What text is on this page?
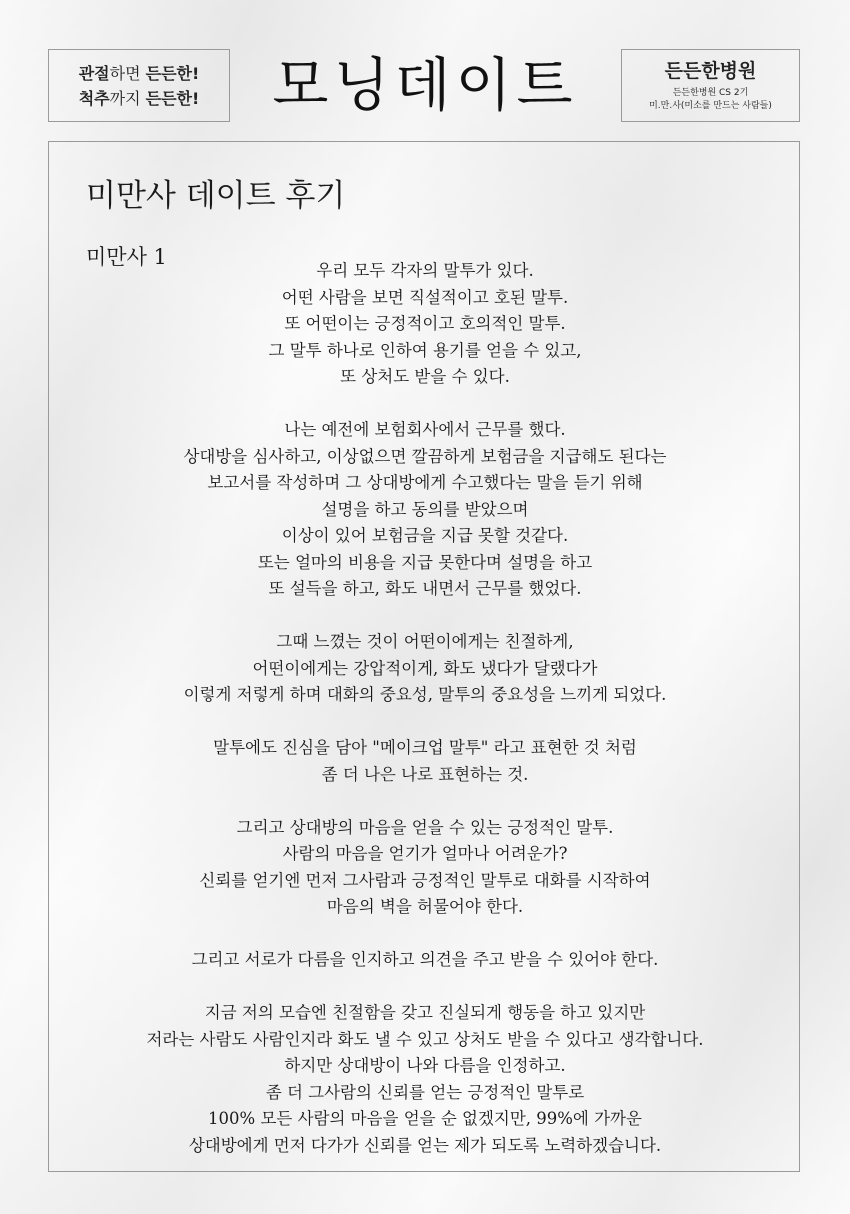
관절하면 든든한!
척추까지 든든한!	모닝데이트	든든한병원
든든한병원 CS 2기
미.만.사(미소를 만드는 사람들)
미만사 데이트 후기
미만사 1
우리 모두 각자의 말투가 있다.
어떤 사람을 보면 직설적이고 호된 말투.
또 어떤이는 긍정적이고 호의적인 말투.
그 말투 하나로 인하여 용기를 얻을 수 있고,
또 상처도 받을 수 있다.
나는 예전에 보험회사에서 근무를 했다.
상대방을 심사하고, 이상없으면 깔끔하게 보험금을 지급해도 된다는
보고서를 작성하며 그 상대방에게 수고했다는 말을 듣기 위해
설명을 하고 동의를 받았으며
이상이 있어 보험금을 지급 못할 것같다.
또는 얼마의 비용을 지급 못한다며 설명을 하고
또 설득을 하고, 화도 내면서 근무를 했었다.
그때 느꼈는 것이 어떤이에게는 친절하게,
어떤이에게는 강압적이게, 화도 냈다가 달랬다가
이렇게 저렇게 하며 대화의 중요성, 말투의 중요성을 느끼게 되었다.
말투에도 진심을 담아 "메이크업 말투" 라고 표현한 것 처럼
좀 더 나은 나로 표현하는 것.
그리고 상대방의 마음을 얻을 수 있는 긍정적인 말투.
사람의 마음을 얻기가 얼마나 어려운가?
신뢰를 얻기엔 먼저 그사람과 긍정적인 말투로 대화를 시작하여
마음의 벽을 허물어야 한다.
그리고 서로가 다름을 인지하고 의견을 주고 받을 수 있어야 한다.
지금 저의 모습엔 친절함을 갖고 진실되게 행동을 하고 있지만
저라는 사람도 사람인지라 화도 낼 수 있고 상처도 받을 수 있다고 생각합니다.
하지만 상대방이 나와 다름을 인정하고.
좀 더 그사람의 신뢰를 얻는 긍정적인 말투로
100% 모든 사람의 마음을 얻을 순 없겠지만, 99%에 가까운
상대방에게 먼저 다가가 신뢰를 얻는 제가 되도록 노력하겠습니다.
